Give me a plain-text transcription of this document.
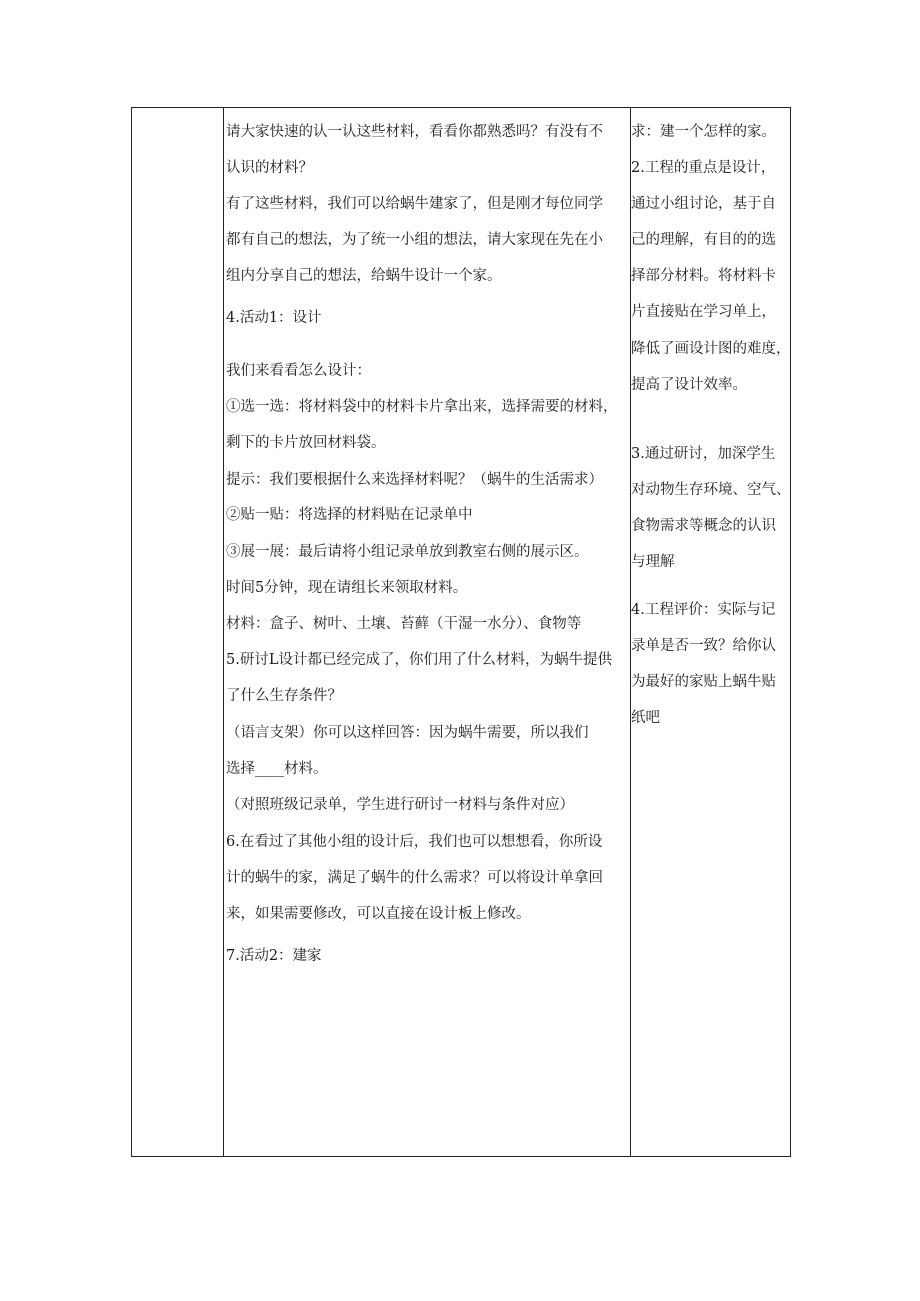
请大家快速的认一认这些材料，看看你都熟悉吗？有没有不
认识的材料？
有了这些材料，我们可以给蜗牛建家了，但是刚才每位同学
都有自己的想法，为了统一小组的想法，请大家现在先在小
组内分享自己的想法，给蜗牛设计一个家。
4.活动1：设计
我们来看看怎么设计：
①选一选：将材料袋中的材料卡片拿出来，选择需要的材料，
剩下的卡片放回材料袋。
提示：我们要根据什么来选择材料呢？（蜗牛的生活需求）
②贴一贴：将选择的材料贴在记录单中
③展一展：最后请将小组记录单放到教室右侧的展示区。
时间5分钟，现在请组长来领取材料。
材料：盒子、树叶、土壤、苔藓（干湿一水分）、食物等
5.研讨L设计都已经完成了，你们用了什么材料，为蜗牛提供
了什么生存条件？
（语言支架）你可以这样回答：因为蜗牛需要，所以我们
选择____材料。
（对照班级记录单，学生进行研讨一材料与条件对应）
6.在看过了其他小组的设计后，我们也可以想想看，你所设
计的蜗牛的家，满足了蜗牛的什么需求？可以将设计单拿回
来，如果需要修改，可以直接在设计板上修改。
7.活动2：建家
求：建一个怎样的家。
2.工程的重点是设计，
通过小组讨论，基于自
己的理解，有目的的选
择部分材料。将材料卡
片直接贴在学习单上，
降低了画设计图的难度，
提高了设计效率。
3.通过研讨，加深学生
对动物生存环境、空气、
食物需求等概念的认识
与理解
4.工程评价：实际与记
录单是否一致？给你认
为最好的家贴上蜗牛贴
纸吧
